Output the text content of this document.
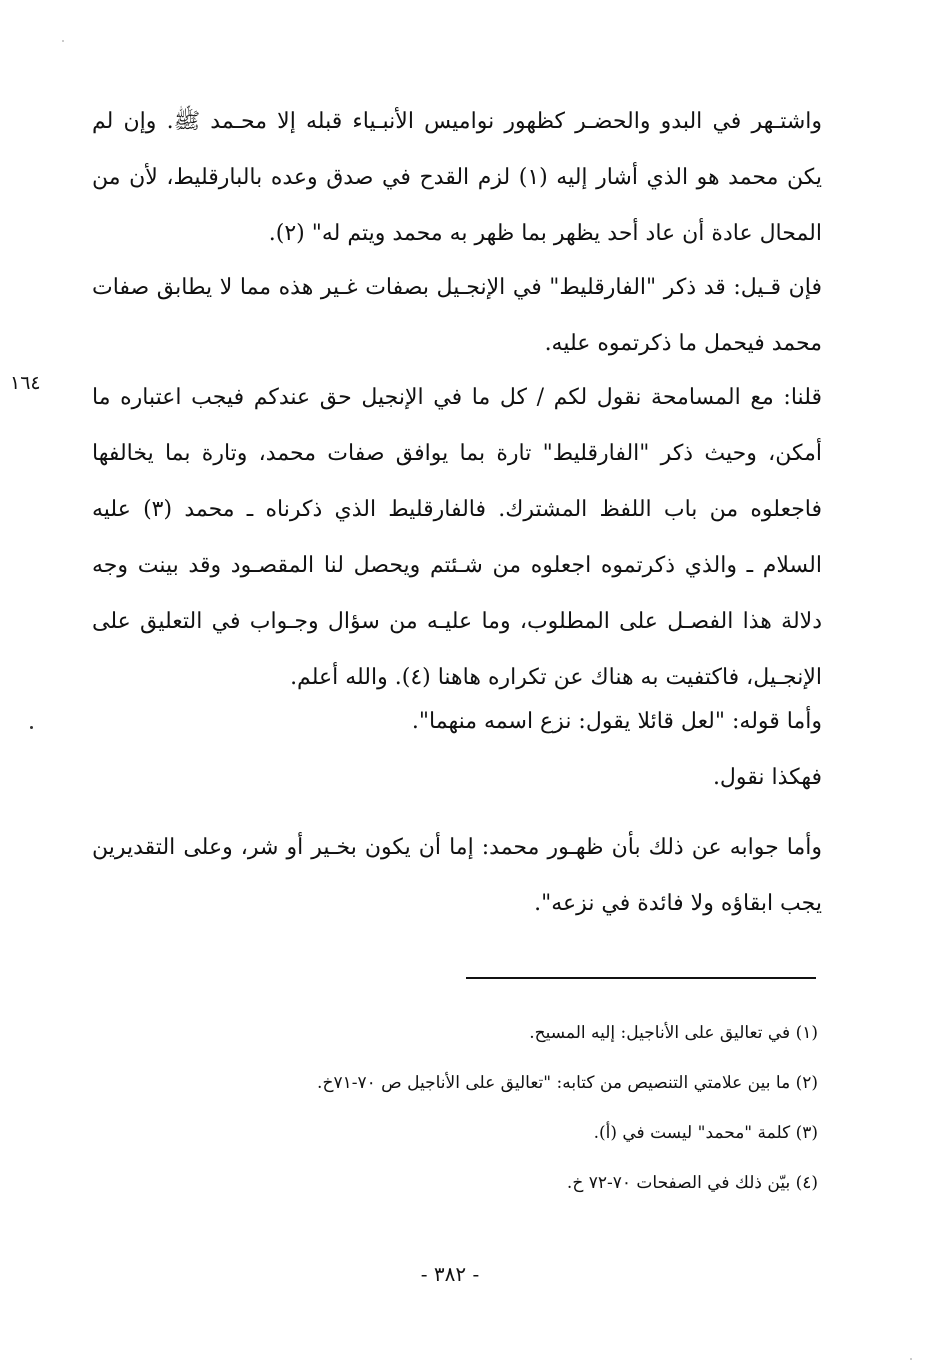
واشتـهر في البدو والحضـر كظهور نواميس الأنبـياء قبله إلا محـمد ﷺ. وإن لم يكن محمد هو الذي أشار إليه (١) لزم القدح في صدق وعده بالبارقليط، لأن من المحال عادة أن عاد أحد يظهر بما ظهر به محمد ويتم له" (٢).

فإن قـيل: قد ذكر "الفارقليط" في الإنجـيل بصفات غـير هذه مما لا يطابق صفات محمد فيحمل ما ذكرتموه عليه.

١٦٤

قلنا: مع المسامحة نقول لكم / كل ما في الإنجيل حق عندكم فيجب اعتباره ما أمكن، وحيث ذكر "الفارقليط" تارة بما يوافق صفات محمد، وتارة بما يخالفها فاجعلوه من باب اللفظ المشترك. فالفارقليط الذي ذكرناه ـ محمد (٣) عليه السلام ـ والذي ذكرتموه اجعلوه من شـئتم ويحصل لنا المقصـود وقد بينت وجه دلالة هذا الفصـل على المطلوب، وما عليـه من سؤال وجـواب في التعليق على الإنجـيل، فاكتفيت به هناك عن تكراره هاهنا (٤). والله أعلم.

وأما قوله: "لعل قائلا يقول: نزع اسمه منهما".

فهكذا نقول.

وأما جوابه عن ذلك بأن ظهـور محمد: إما أن يكون بخـير أو شر، وعلى التقديرين يجب ابقاؤه ولا فائدة في نزعه".

(١) في تعاليق على الأناجيل: إليه المسيح.
(٢) ما بين علامتي التنصيص من كتابه: "تعاليق على الأناجيل ص ٧٠-٧١خ.
(٣) كلمة "محمد" ليست في (أ).
(٤) بيّن ذلك في الصفحات ٧٠-٧٢ خ.
- ٣٨٢ -
